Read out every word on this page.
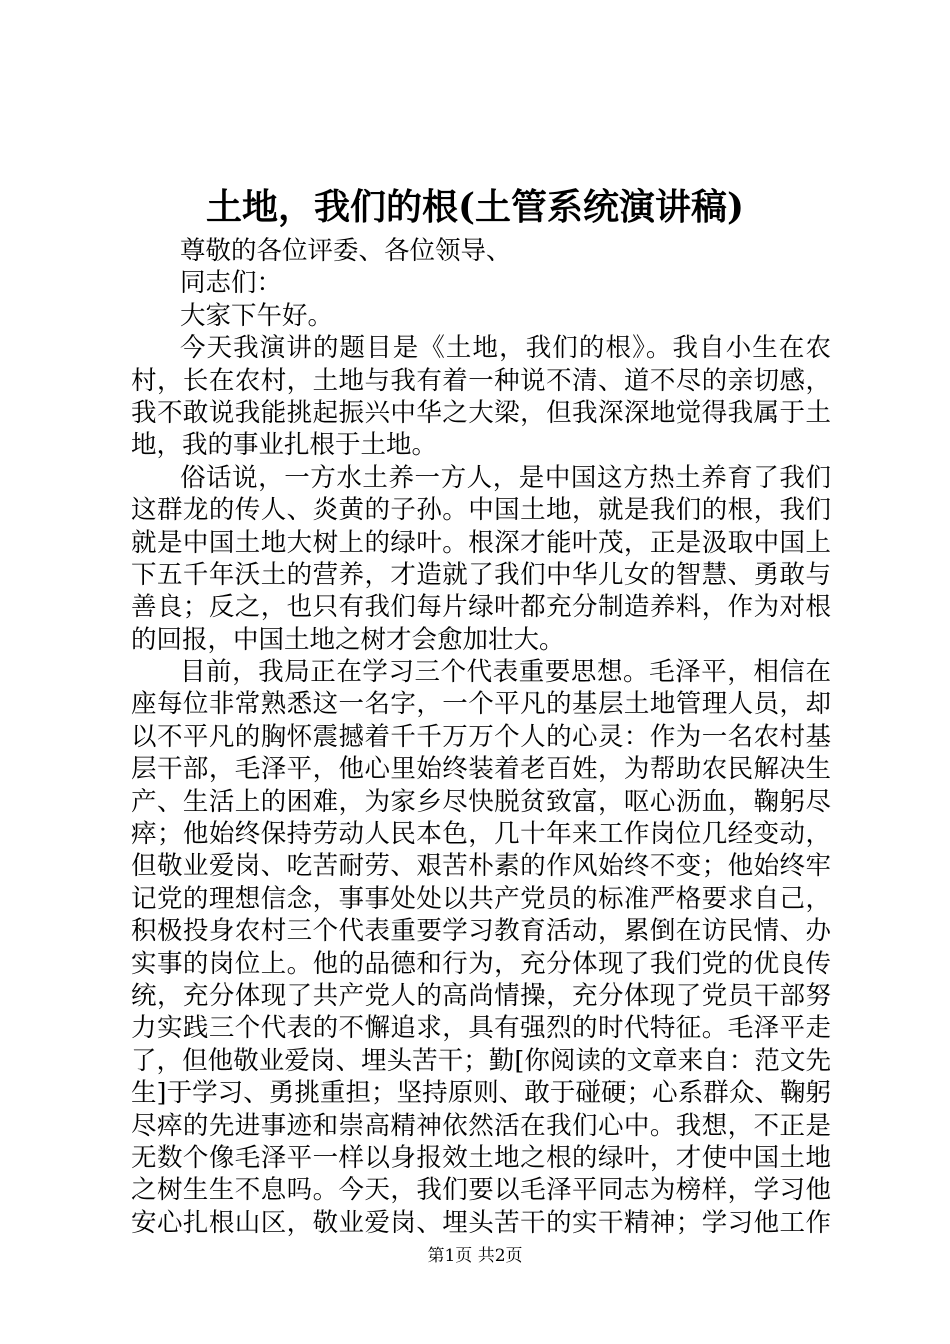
土地，我们的根(土管系统演讲稿)
尊敬的各位评委、各位领导、
同志们：
大家下午好。
今天我演讲的题目是《土地，我们的根》。我自小生在农
村，长在农村，土地与我有着一种说不清、道不尽的亲切感，
我不敢说我能挑起振兴中华之大梁，但我深深地觉得我属于土
地，我的事业扎根于土地。
俗话说，一方水土养一方人，是中国这方热土养育了我们
这群龙的传人、炎黄的子孙。中国土地，就是我们的根，我们
就是中国土地大树上的绿叶。根深才能叶茂，正是汲取中国上
下五千年沃土的营养，才造就了我们中华儿女的智慧、勇敢与
善良；反之，也只有我们每片绿叶都充分制造养料，作为对根
的回报，中国土地之树才会愈加壮大。
目前，我局正在学习三个代表重要思想。毛泽平，相信在
座每位非常熟悉这一名字，一个平凡的基层土地管理人员，却
以不平凡的胸怀震撼着千千万万个人的心灵：作为一名农村基
层干部，毛泽平，他心里始终装着老百姓，为帮助农民解决生
产、生活上的困难，为家乡尽快脱贫致富，呕心沥血，鞠躬尽
瘁；他始终保持劳动人民本色，几十年来工作岗位几经变动，
但敬业爱岗、吃苦耐劳、艰苦朴素的作风始终不变；他始终牢
记党的理想信念，事事处处以共产党员的标准严格要求自己，
积极投身农村三个代表重要学习教育活动，累倒在访民情、办
实事的岗位上。他的品德和行为，充分体现了我们党的优良传
统，充分体现了共产党人的高尚情操，充分体现了党员干部努
力实践三个代表的不懈追求，具有强烈的时代特征。毛泽平走
了，但他敬业爱岗、埋头苦干；勤[你阅读的文章来自：范文先
生]于学习、勇挑重担；坚持原则、敢于碰硬；心系群众、鞠躬
尽瘁的先进事迹和崇高精神依然活在我们心中。我想，不正是
无数个像毛泽平一样以身报效土地之根的绿叶，才使中国土地
之树生生不息吗。今天，我们要以毛泽平同志为榜样，学习他
安心扎根山区，敬业爱岗、埋头苦干的实干精神；学习他工作
第1页 共2页
